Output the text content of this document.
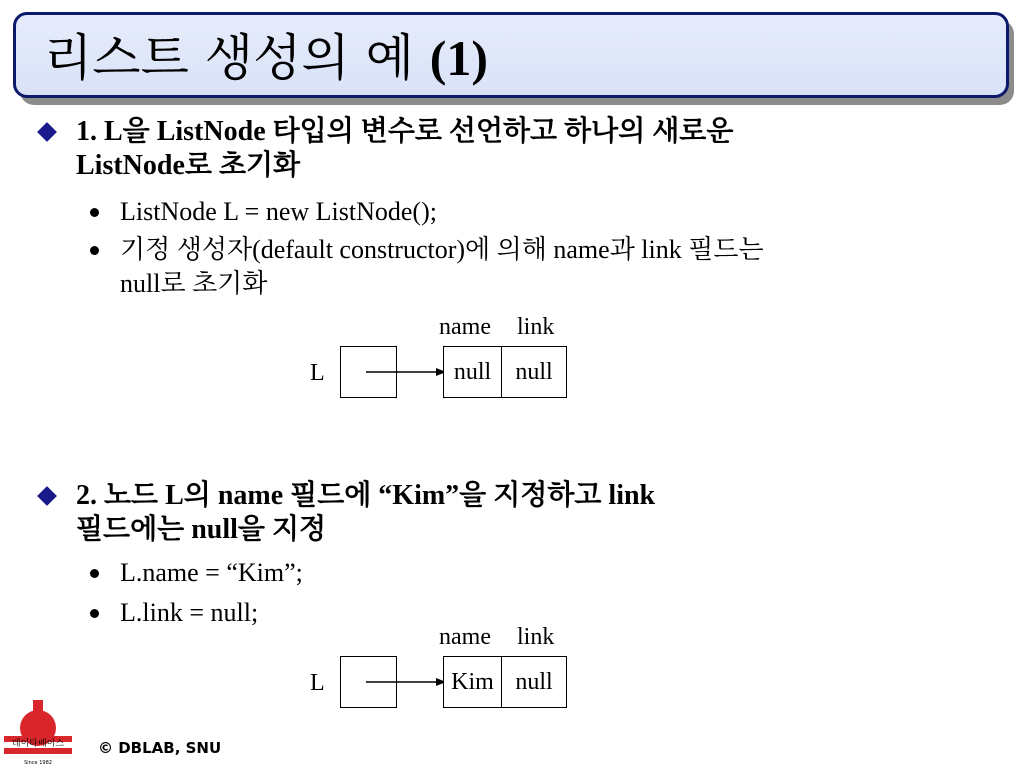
리스트 생성의 예 (1)
1. L을 ListNode 타입의 변수로 선언하고 하나의 새로운
ListNode로 초기화
ListNode L = new ListNode();
기정 생성자(default constructor)에 의해 name과 link 필드는
null로 초기화
name link
L	null	null
2. 노드 L의 name 필드에 “Kim”을 지정하고 link
필드에는 null을 지정
L.name = “Kim”;
L.link = null;
name link
L	Kim null
데이타베이스
Since 1982
© DBLAB, SNU
